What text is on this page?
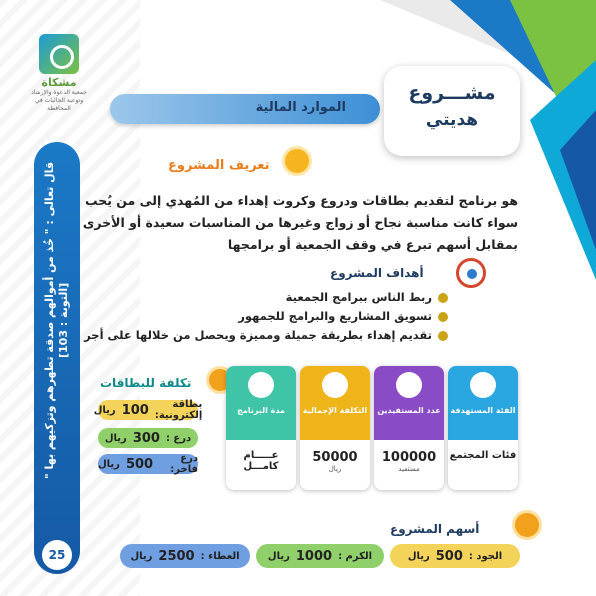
مشكاة
جمعية الدعوة والإرشاد وتوعية الجاليات في المحافظة
قال تعالى : " خُذ من أموالهم صدقة تطهرهم وتزكيهم بها " [التوبة : 103]
25
الموارد المالية
مشـــروع
هديتي
تعريف المشروع
هو برنامج لتقديم بطاقات ودروع وكروت إهداء من المُهدي إلى من يُحب سواء كانت مناسبة نجاح أو زواج وغيرها من المناسبات سعيدة أو الأخرى بمقابل أسهم تبرع في وقف الجمعية أو برامجها
أهداف المشروع
ربط الناس ببرامج الجمعية
تسويق المشاريع والبرامج للجمهور
تقديم إهداء بطريقة جميلة ومميزة ويحصل من خلالها على أجر
تكلفة للبطاقات
بطاقة إلكترونية:
100
ريال
درع :
300
ريال
درع فاخر:
500
ريال
الفئة المستهدفة
فئات المجتمع
عدد المستفيدين
100000
مستفيد
التكلفة الإجمالية
50000
ريال
مدة البرنامج
عـــــام كامـــل
أسهم المشروع
الجود :
500
ريال
الكرم :
1000
ريال
العطاء :
2500
ريال
